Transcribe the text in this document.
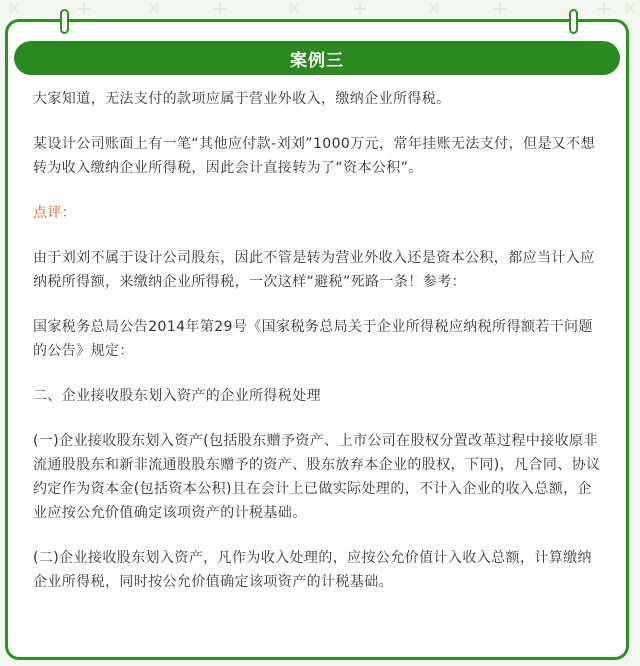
案例三

大家知道，无法支付的款项应属于营业外收入，缴纳企业所得税。

某设计公司账面上有一笔“其他应付款-刘刘”1000万元，常年挂账无法支付，但是又不想转为收入缴纳企业所得税，因此会计直接转为了“资本公积”。

点评：

由于刘刘不属于设计公司股东，因此不管是转为营业外收入还是资本公积，都应当计入应纳税所得额，来缴纳企业所得税，一次这样“避税”死路一条！参考：

国家税务总局公告2014年第29号《国家税务总局关于企业所得税应纳税所得额若干问题的公告》规定：

二、企业接收股东划入资产的企业所得税处理

(一)企业接收股东划入资产(包括股东赠予资产、上市公司在股权分置改革过程中接收原非流通股股东和新非流通股股东赠予的资产、股东放弃本企业的股权，下同)，凡合同、协议约定作为资本金(包括资本公积)且在会计上已做实际处理的，不计入企业的收入总额，企业应按公允价值确定该项资产的计税基础。

(二)企业接收股东划入资产，凡作为收入处理的，应按公允价值计入收入总额，计算缴纳企业所得税，同时按公允价值确定该项资产的计税基础。
